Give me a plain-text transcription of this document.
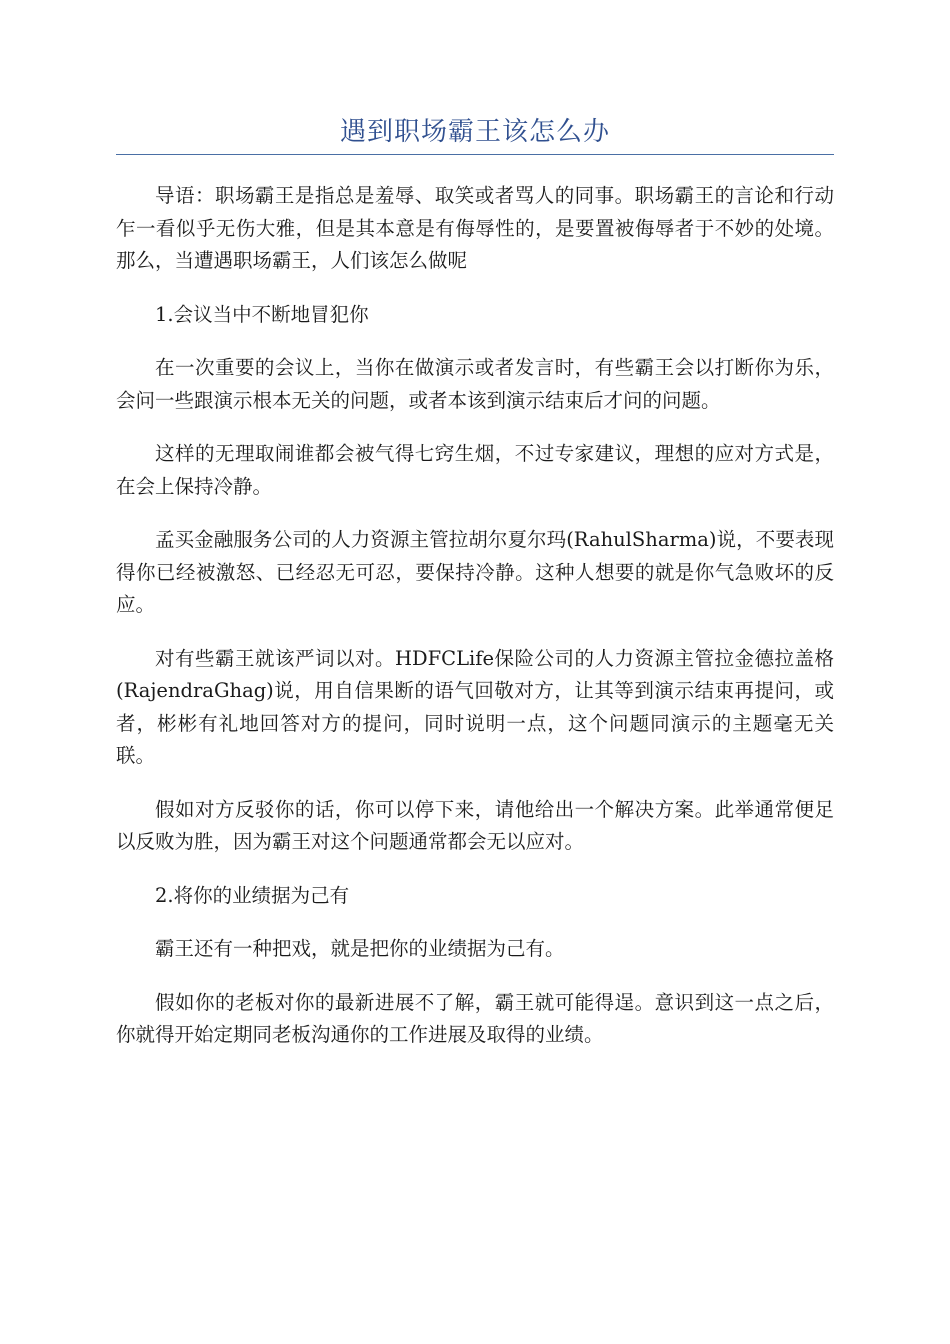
遇到职场霸王该怎么办

导语：职场霸王是指总是羞辱、取笑或者骂人的同事。职场霸王的言论和行动乍一看似乎无伤大雅，但是其本意是有侮辱性的，是要置被侮辱者于不妙的处境。那么，当遭遇职场霸王，人们该怎么做呢

1.会议当中不断地冒犯你

在一次重要的会议上，当你在做演示或者发言时，有些霸王会以打断你为乐，会问一些跟演示根本无关的问题，或者本该到演示结束后才问的问题。

这样的无理取闹谁都会被气得七窍生烟，不过专家建议，理想的应对方式是，在会上保持冷静。

孟买金融服务公司的人力资源主管拉胡尔夏尔玛(RahulSharma)说，不要表现得你已经被激怒、已经忍无可忍，要保持冷静。这种人想要的就是你气急败坏的反应。

对有些霸王就该严词以对。HDFCLife保险公司的人力资源主管拉金德拉盖格(RajendraGhag)说，用自信果断的语气回敬对方，让其等到演示结束再提问，或者，彬彬有礼地回答对方的提问，同时说明一点，这个问题同演示的主题毫无关联。

假如对方反驳你的话，你可以停下来，请他给出一个解决方案。此举通常便足以反败为胜，因为霸王对这个问题通常都会无以应对。

2.将你的业绩据为己有

霸王还有一种把戏，就是把你的业绩据为己有。

假如你的老板对你的最新进展不了解，霸王就可能得逞。意识到这一点之后，你就得开始定期同老板沟通你的工作进展及取得的业绩。
